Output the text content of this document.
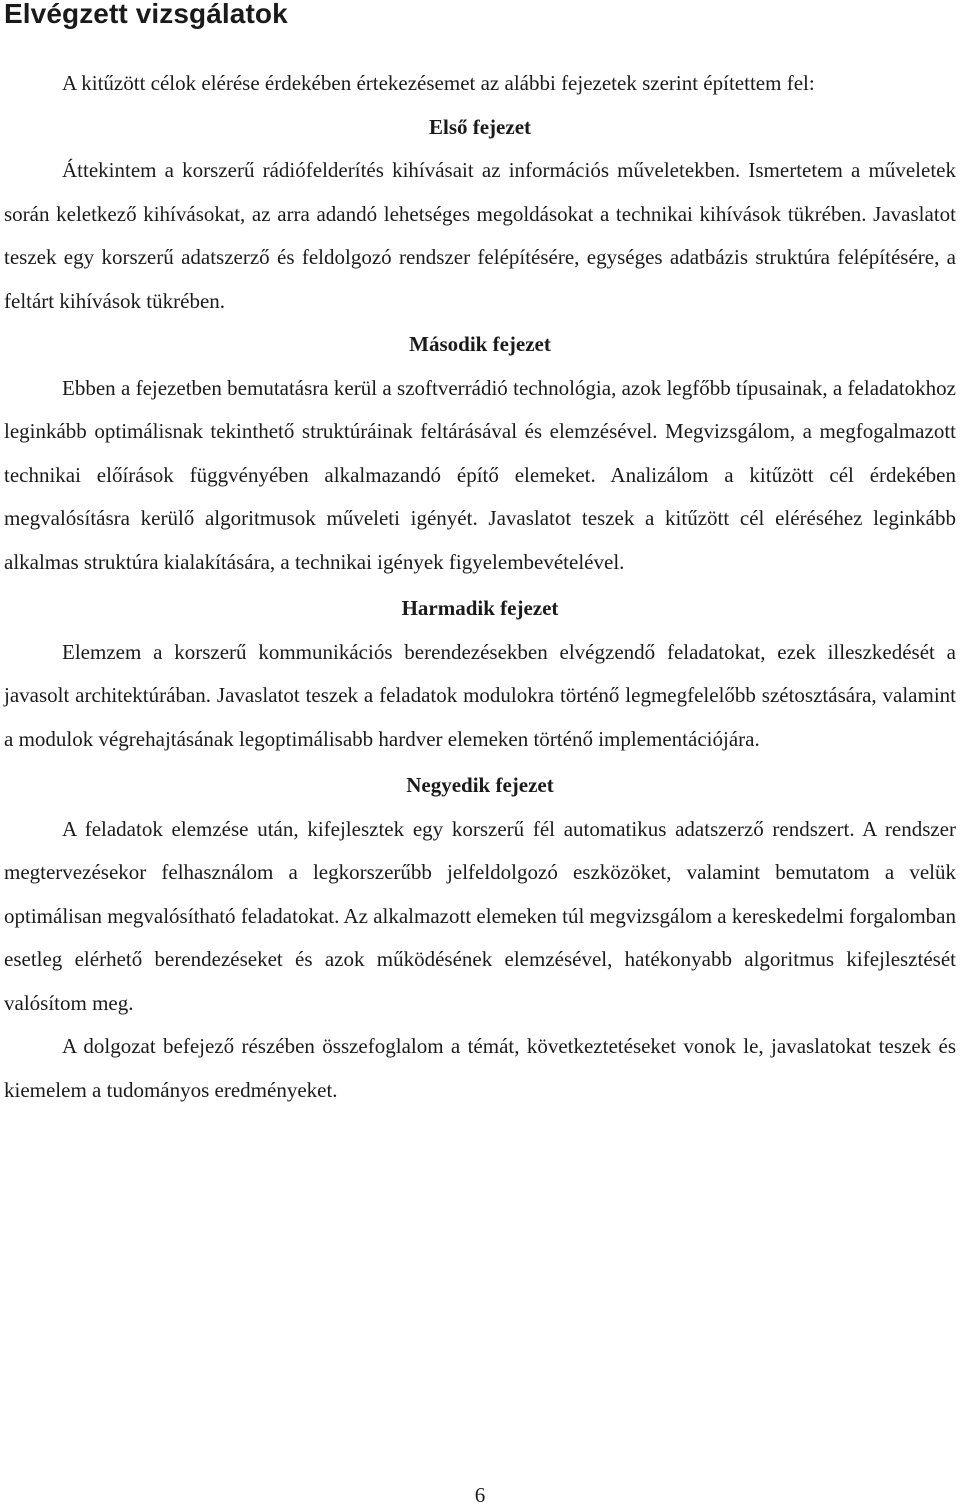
Elvégzett vizsgálatok

A kitűzött célok elérése érdekében értekezésemet az alábbi fejezetek szerint építettem fel:

Első fejezet

Áttekintem a korszerű rádiófelderítés kihívásait az információs műveletekben. Ismertetem a műveletek során keletkező kihívásokat, az arra adandó lehetséges megoldásokat a technikai kihívások tükrében. Javaslatot teszek egy korszerű adatszerző és feldolgozó rendszer felépítésére, egységes adatbázis struktúra felépítésére, a feltárt kihívások tükrében.

Második fejezet

Ebben a fejezetben bemutatásra kerül a szoftverrádió technológia, azok legfőbb típusainak, a feladatokhoz leginkább optimálisnak tekinthető struktúráinak feltárásával és elemzésével. Megvizsgálom, a megfogalmazott technikai előírások függvényében alkalmazandó építő elemeket. Analizálom a kitűzött cél érdekében megvalósításra kerülő algoritmusok műveleti igényét. Javaslatot teszek a kitűzött cél eléréséhez leginkább alkalmas struktúra kialakítására, a technikai igények figyelembevételével.

Harmadik fejezet

Elemzem a korszerű kommunikációs berendezésekben elvégzendő feladatokat, ezek illeszkedését a javasolt architektúrában. Javaslatot teszek a feladatok modulokra történő legmegfelelőbb szétosztására, valamint a modulok végrehajtásának legoptimálisabb hardver elemeken történő implementációjára.

Negyedik fejezet

A feladatok elemzése után, kifejlesztek egy korszerű fél automatikus adatszerző rendszert. A rendszer megtervezésekor felhasználom a legkorszerűbb jelfeldolgozó eszközöket, valamint bemutatom a velük optimálisan megvalósítható feladatokat. Az alkalmazott elemeken túl megvizsgálom a kereskedelmi forgalomban esetleg elérhető berendezéseket és azok működésének elemzésével, hatékonyabb algoritmus kifejlesztését valósítom meg.

A dolgozat befejező részében összefoglalom a témát, következtetéseket vonok le, javaslatokat teszek és kiemelem a tudományos eredményeket.

6
